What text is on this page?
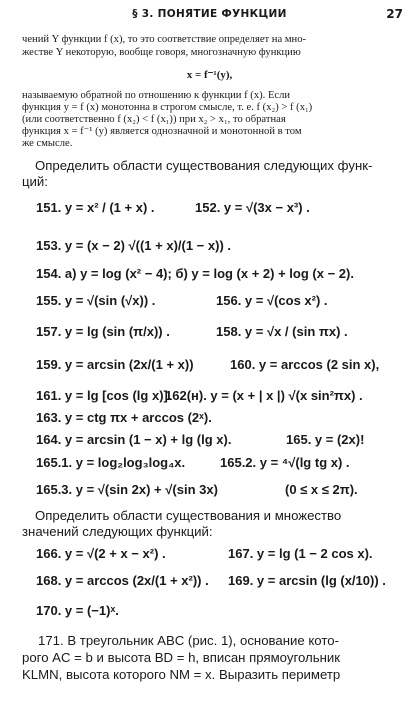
§ 3. ПОНЯТИЕ ФУНКЦИИ	27
чений Y функции f (x), то это соответствие определяет на мно-
жестве Y некоторую, вообще говоря, многозначную функцию
x = f⁻¹(y),
называемую обратной по отношению к функции f (x). Если
функция y = f (x) монотонна в строгом смысле, т. е. f (x₂) > f (x₁)
(или соответственно f (x₂) < f (x₁)) при x₂ > x₁, то обратная
функция x = f⁻¹ (y) является однозначной и монотонной в том
же смысле.
Определить области существования следующих функ-
ций:
151. y = x² / (1 + x) .	152. y = √(3x − x³) .
153. y = (x − 2) √((1 + x)/(1 − x)) .
154. а) y = log (x² − 4); б) y = log (x + 2) + log (x − 2).
155. y = √(sin (√x)) .	156. y = √(cos x²) .
157. y = lg (sin (π/x)) .	158. y = √x / (sin πx) .
159. y = arcsin (2x/(1 + x))	160. y = arccos (2 sin x),
161. y = lg [cos (lg x)].
162(н). y = (x + | x |) √(x sin²πx) .
163. y = ctg πx + arccos (2ˣ).
164. y = arcsin (1 − x) + lg (lg x).	165. y = (2x)!
165.1. y = log₂log₃log₄x.	165.2. y = ⁴√(lg tg x) .
165.3. y = √(sin 2x) + √(sin 3x)	(0 ≤ x ≤ 2π).
Определить области существования и множество
значений следующих функций:
166. y = √(2 + x − x²) .	167. y = lg (1 − 2 cos x).
168. y = arccos (2x/(1 + x²)) . 169. y = arcsin (lg (x/10)) .
170. y = (−1)ˣ.
171. В треугольник ABC (рис. 1), основание кото-
рого AC = b и высота BD = h, вписан прямоугольник
KLMN, высота которого NM = x. Выразить периметр
